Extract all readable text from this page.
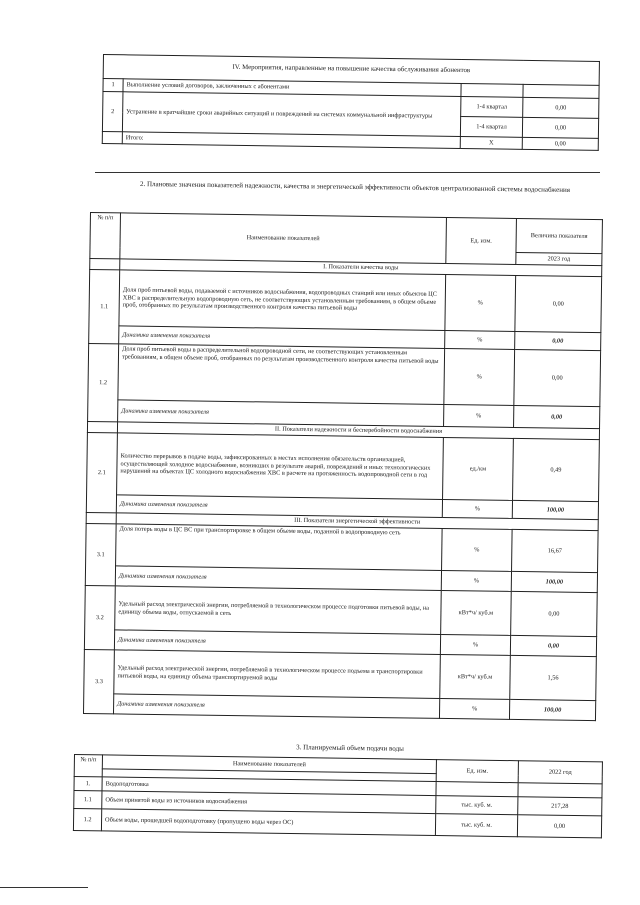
IV. Мероприятия, направленные на повышение качества обслуживания абонентов			
1	Выполнение условий договоров, заключенных с абонентами		
2	Устранение в кратчайшие сроки аварийных ситуаций и повреждений на системах коммунальной инфраструктуры	1-4 квартал	0,00
		1-4 квартал	0,00
	Итого:	Х	0,00
2. Плановые значения показателей надежности, качества и энергетической эффективности объектов централизованной системы водоснабжения
№ п/п	Наименование показателей	Ед. изм.	Величина показателя
			2023 год
	I. Показатели качества воды		
1.1	Доля проб питьевой воды, подаваемой с источников водоснабжения, водопроводных станций или иных объектов ЦС ХВС в распределительную водопроводную сеть, не соответствующих установленным требованиям, в общем объеме проб, отобранных по результатам производственного контроля качества питьевой воды	%	0,00
	Динамика изменения показателя	%	0,00
1.2	Доля проб питьевой воды в распределительной водопроводной сети, не соответствующих установленным требованиям, в общем объеме проб, отобранных по результатам производственного контроля качества питьевой воды	%	0,00
	Динамика изменения показателя	%	0,00
	II. Показатели надежности и бесперебойности водоснабжения		
2.1	Количество перерывов в подаче воды, зафиксированных в местах исполнения обязательств организацией, осуществляющей холодное водоснабжение, возникших в результате аварий, повреждений и иных технологических нарушений на объектах ЦС холодного водоснабжения ХВС в расчете на протяженность водопроводной сети в год	ед./км	0,49
	Динамика изменения показателя	%	100,00
	III. Показатели энергетической эффективности		
3.1	Доля потерь воды в ЦС ВС при транспортировке в общем объеме воды, поданной в водопроводную сеть	%	16,67
	Динамика изменения показателя	%	100,00
3.2	Удельный расход электрической энергии, потребляемой в технологическом процессе подготовки питьевой воды, на единицу объема воды, отпускаемой в сеть	кВт*ч/ куб.м	0,00
	Динамика изменения показателя	%	0,00
3.3	Удельный расход электрической энергии, потребляемой в технологическом процессе подъема и транспортировки питьевой воды, на единицу объема транспортируемой воды	кВт*ч/ куб.м	1,56
	Динамика изменения показателя	%	100,00
3. Планируемый объем подачи воды
№ п/п	Наименование показателей	Ед. изм.	2022 год

1.	Водоподготовка		
1.1	Объем принятой воды из источников водоснабжения	тыс. куб. м.	217,28
1.2	Объем воды, прошедшей водоподготовку (пропущено воды через ОС)	тыс. куб. м.	0,00
